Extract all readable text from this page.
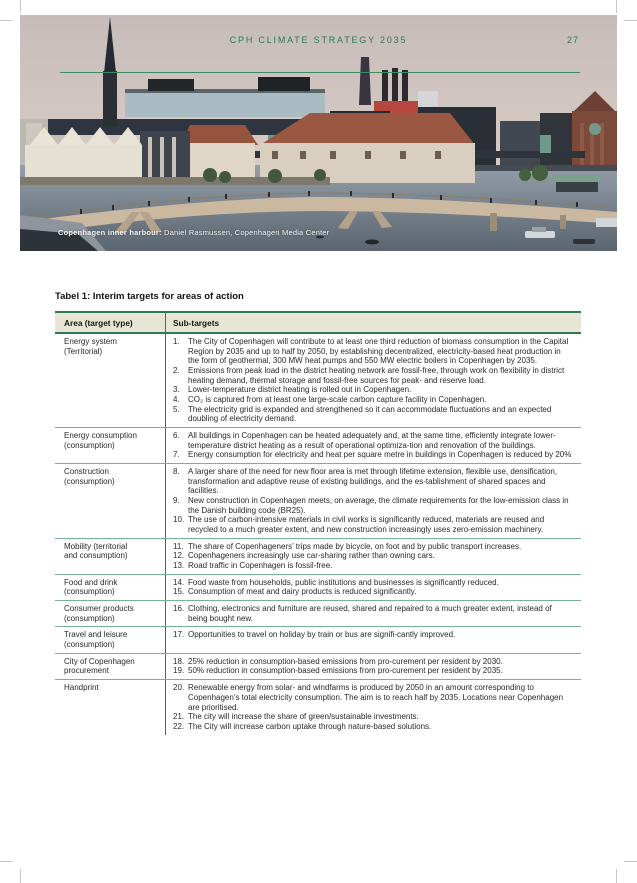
CPH CLIMATE STRATEGY 2035	27
Copenhagen inner harbour: Daniel Rasmussen, Copenhagen Media Center
Tabel 1: Interim targets for areas of action
Area (target type)	Sub-targets
Energy system
(Territorial)
1.	The City of Copenhagen will contribute to at least one third reduction of biomass consumption in the Capital Region by 2035 and up to half by 2050, by establishing decentralized, electricity-based heat production in the form of geothermal, 300 MW heat pumps and 550 MW electric boilers in Copenhagen by 2035.
2.	Emissions from peak load in the district heating network are fossil-free, through work on flexibility in district heating demand, thermal storage and fossil-free sources for peak- and reserve load.
3.	Lower-temperature district heating is rolled out in Copenhagen.
4.	CO₂ is captured from at least one large-scale carbon capture facility in Copenhagen.
5.	The electricity grid is expanded and strengthened so it can accommodate fluctuations and an expected doubling of electricity demand.
Energy consumption
(consumption)
6.	All buildings in Copenhagen can be heated adequately and, at the same time, efficiently integrate lower-temperature district heating as a result of operational optimiza-tion and renovation of the buildings.
7.	Energy consumption for electricity and heat per square metre in buildings in Copenhagen is reduced by 20%
Construction
(consumption)
8.	A larger share of the need for new floor area is met through lifetime extension, flexible use, densification, transformation and adaptive reuse of existing buildings, and the es-tablishment of shared spaces and facilities.
9.	New construction in Copenhagen meets, on average, the climate requirements for the low-emission class in the Danish building code (BR25).
10. The use of carbon-intensive materials in civil works is significantly reduced, materials are reused and recycled to a much greater extent, and new construction increasingly uses zero-emission machinery.
Mobility (territorial
and consumption)
11. The share of Copenhageners’ trips made by bicycle, on foot and by public transport increases.
12. Copenhageners increasingly use car-sharing rather than owning cars.
13. Road traffic in Copenhagen is fossil-free.
Food and drink
(consumption)
14. Food waste from households, public institutions and businesses is significantly reduced.
15. Consumption of meat and dairy products is reduced significantly.
Consumer products
(consumption)
16. Clothing, electronics and furniture are reused, shared and repaired to a much greater extent, instead of being bought new.
Travel and leisure
(consumption)
17. Opportunities to travel on holiday by train or bus are signifi-cantly improved.
City of Copenhagen
procurement
18. 25% reduction in consumption-based emissions from pro-curement per resident by 2030.
19. 50% reduction in consumption-based emissions from pro-curement per resident by 2035.
Handprint	20. Renewable energy from solar- and windfarms is produced by 2050 in an amount corresponding to Copenhagen’s total electricity consumption. The aim is to reach half by 2035. Locations near Copenhagen are prioritised.
21. The city will increase the share of green/sustainable investments.
22. The City will increase carbon uptake through nature-based solutions.
